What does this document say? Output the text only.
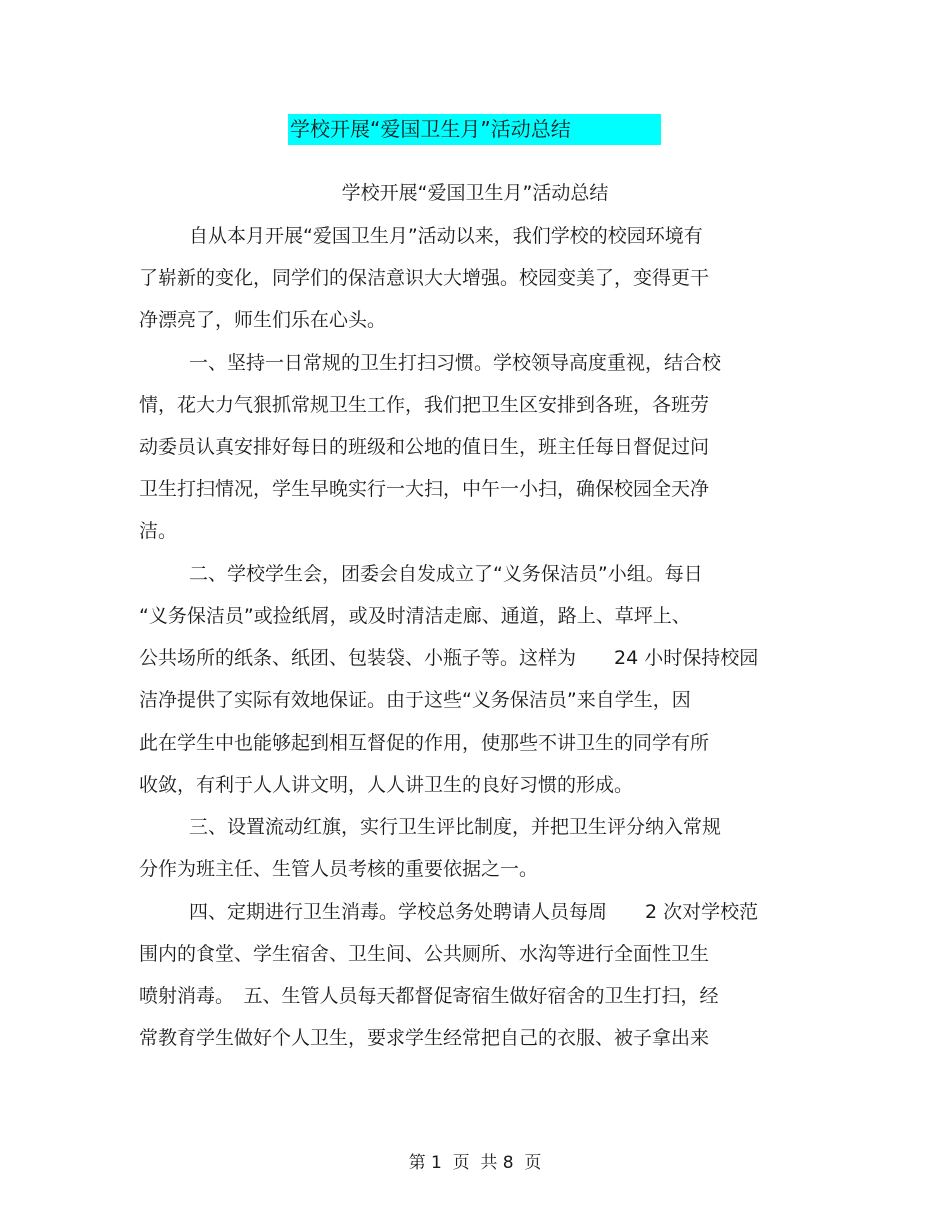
学校开展“爱国卫生月”活动总结
学校开展“爱国卫生月”活动总结
自从本月开展“爱国卫生月”活动以来，我们学校的校园环境有
了崭新的变化，同学们的保洁意识大大增强。校园变美了，变得更干
净漂亮了，师生们乐在心头。
一、坚持一日常规的卫生打扫习惯。学校领导高度重视，结合校
情，花大力气狠抓常规卫生工作，我们把卫生区安排到各班，各班劳
动委员认真安排好每日的班级和公地的值日生，班主任每日督促过问
卫生打扫情况，学生早晚实行一大扫，中午一小扫，确保校园全天净
洁。
二、学校学生会，团委会自发成立了“义务保洁员”小组。每日
“义务保洁员”或捡纸屑，或及时清洁走廊、通道，路上、草坪上、
公共场所的纸条、纸团、包装袋、小瓶子等。这样为　　24 小时保持校园
洁净提供了实际有效地保证。由于这些“义务保洁员”来自学生，因
此在学生中也能够起到相互督促的作用，使那些不讲卫生的同学有所
收敛，有利于人人讲文明，人人讲卫生的良好习惯的形成。
三、设置流动红旗，实行卫生评比制度，并把卫生评分纳入常规
分作为班主任、生管人员考核的重要依据之一。
四、定期进行卫生消毒。学校总务处聘请人员每周　　2 次对学校范
围内的食堂、学生宿舍、卫生间、公共厕所、水沟等进行全面性卫生
喷射消毒。　五、生管人员每天都督促寄宿生做好宿舍的卫生打扫，经
常教育学生做好个人卫生，要求学生经常把自己的衣服、被子拿出来
第 1  页  共 8  页
